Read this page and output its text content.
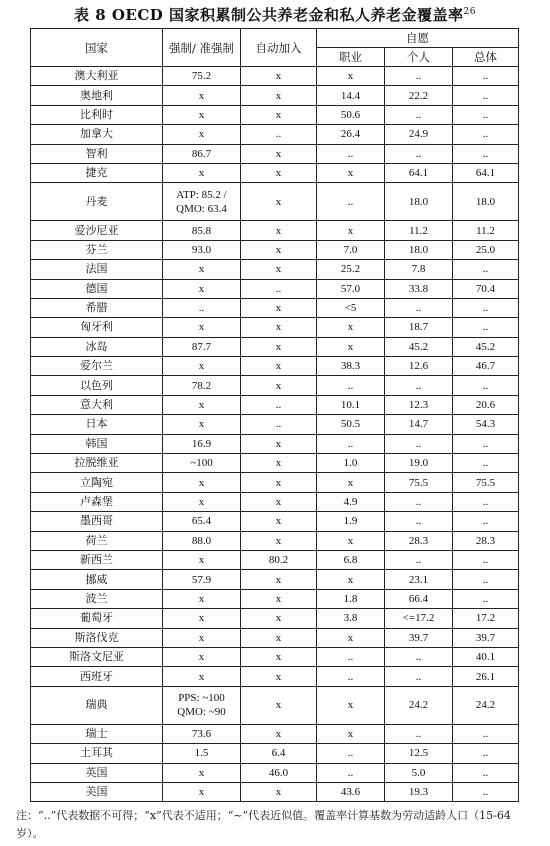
表 8 OECD 国家积累制公共养老金和私人养老金覆盖率$^{26}$
国家	强制/ 准强制	自动加入	自愿		
			职业	个人	总体
澳大利亚	75.2	x	x	..	..
奥地利	x	x	14.4	22.2	..
比利时	x	x	50.6	..	..
加拿大	x	..	26.4	24.9	..
智利	86.7	x	..	..	..
捷克	x	x	x	64.1	64.1
丹麦	ATP: 85.2 / QMO: 63.4	x	..	18.0	18.0
爱沙尼亚	85.8	x	x	11.2	11.2
芬兰	93.0	x	7.0	18.0	25.0
法国	x	x	25.2	7.8	..
德国	x	..	57.0	33.8	70.4
希腊	..	x	<5	..	..
匈牙利	x	x	x	18.7	..
冰岛	87.7	x	x	45.2	45.2
爱尔兰	x	x	38.3	12.6	46.7
以色列	78.2	x	..	..	..
意大利	x	..	10.1	12.3	20.6
日本	x	..	50.5	14.7	54.3
韩国	16.9	x	..	..	..
拉脱维亚	~100	x	1.0	19.0	..
立陶宛	x	x	x	75.5	75.5
卢森堡	x	x	4.9	..	..
墨西哥	65.4	x	1.9	..	..
荷兰	88.0	x	x	28.3	28.3
新西兰	x	80.2	6.8	..	..
挪威	57.9	x	x	23.1	..
波兰	x	x	1.8	66.4	..
葡萄牙	x	x	3.8	<=17.2	17.2
斯洛伐克	x	x	x	39.7	39.7
斯洛文尼亚	x	x	..	..	40.1
西班牙	x	x	..	..	26.1
瑞典	PPS: ~100 QMO: ~90	x	x	24.2	24.2
瑞士	73.6	x	x	..	..
土耳其	1.5	6.4	..	12.5	..
英国	x	46.0	..	5.0	..
美国	x	x	43.6	19.3	..
注：“..”代表数据不可得；“x”代表不适用；“~”代表近似值。覆盖率计算基数为劳动适龄人口（15-64岁）。
